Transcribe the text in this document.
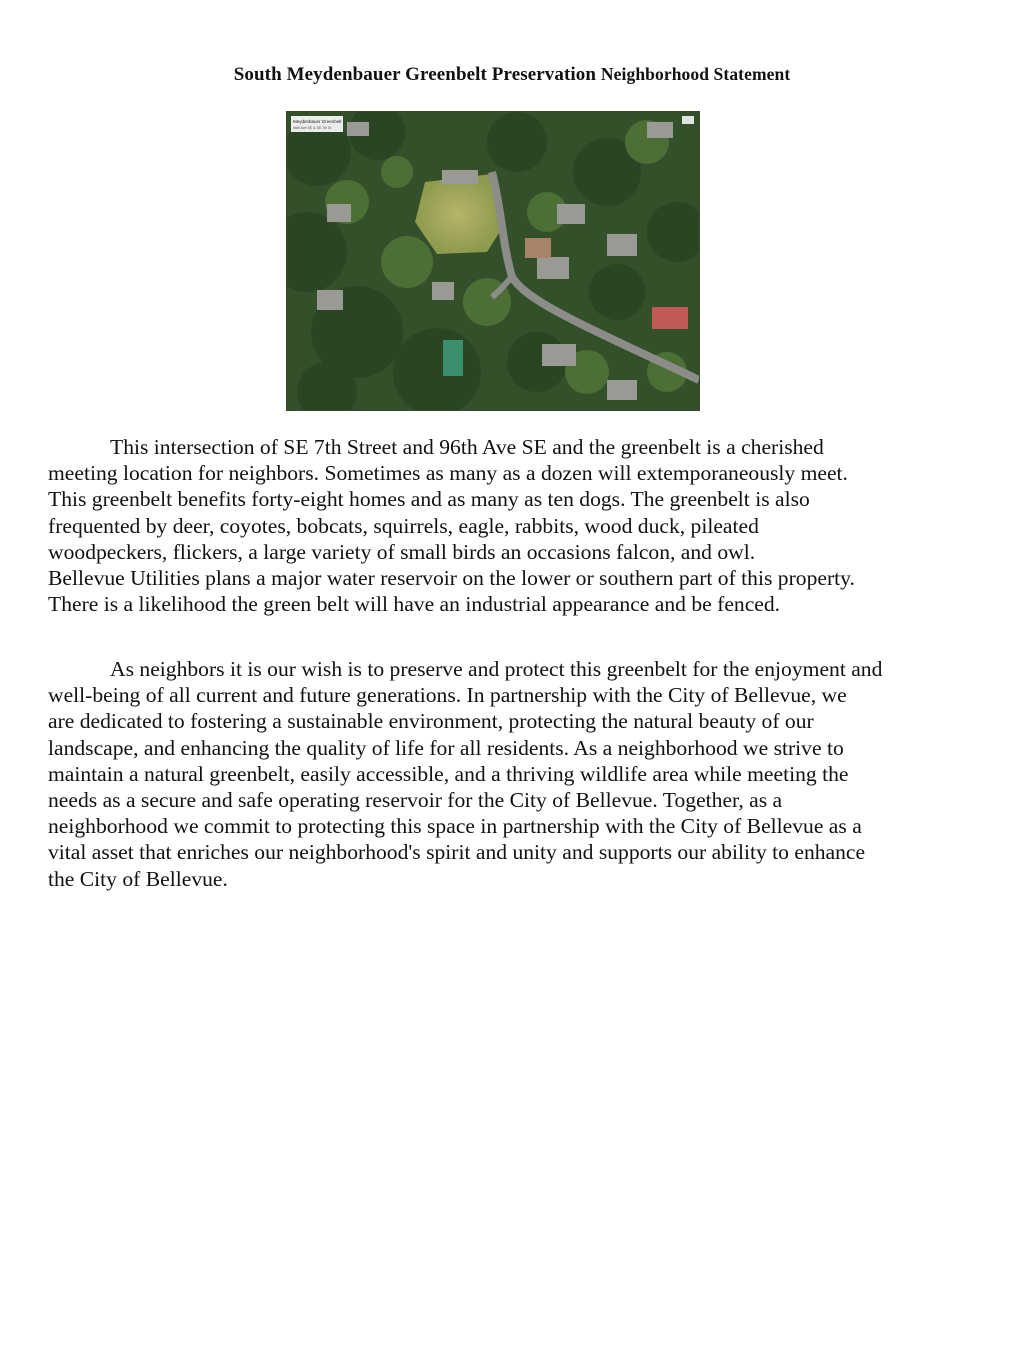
South Meydenbauer Greenbelt Preservation Neighborhood Statement
Meydenbauer Greenbelt
96th Ave SE & SE 7th St
This intersection of SE 7th Street and 96th Ave SE and the greenbelt is a cherished
meeting location for neighbors. Sometimes as many as a dozen will extemporaneously meet.
This greenbelt benefits forty-eight homes and as many as ten dogs. The greenbelt is also
frequented by deer, coyotes, bobcats, squirrels, eagle, rabbits, wood duck, pileated
woodpeckers, flickers, a large variety of small birds an occasions falcon, and owl.
Bellevue Utilities plans a major water reservoir on the lower or southern part of this property.
There is a likelihood the green belt will have an industrial appearance and be fenced.
As neighbors it is our wish is to preserve and protect this greenbelt for the enjoyment and
well-being of all current and future generations. In partnership with the City of Bellevue, we
are dedicated to fostering a sustainable environment, protecting the natural beauty of our
landscape, and enhancing the quality of life for all residents. As a neighborhood we strive to
maintain a natural greenbelt, easily accessible, and a thriving wildlife area while meeting the
needs as a secure and safe operating reservoir for the City of Bellevue. Together, as a
neighborhood we commit to protecting this space in partnership with the City of Bellevue as a
vital asset that enriches our neighborhood's spirit and unity and supports our ability to enhance
the City of Bellevue.
